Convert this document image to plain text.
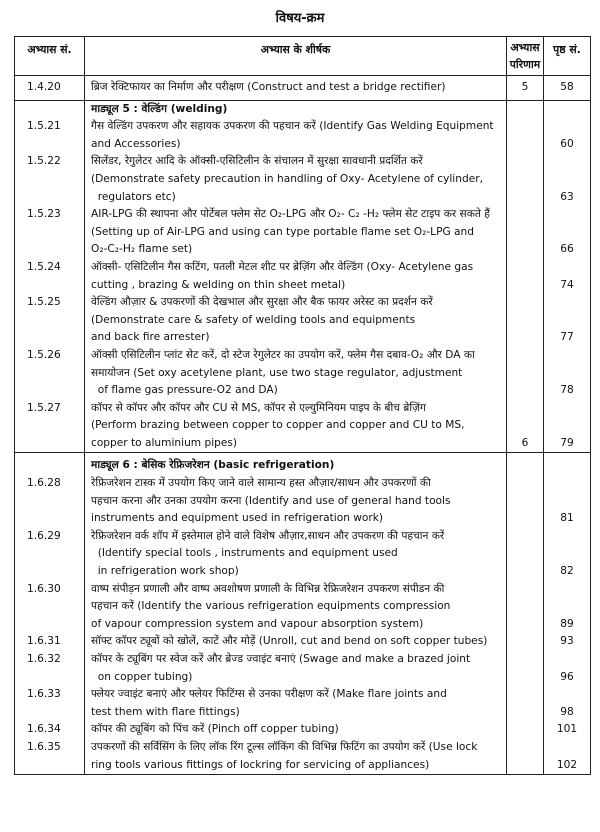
विषय-क्रम
अभ्यास सं.	अभ्यास के शीर्षक	अभ्यास परिणाम	पृष्ठ सं.
1.4.20	ब्रिज रेक्टिफायर का निर्माण और परीक्षण (Construct and test a bridge rectifier)	5	58
	माड्यूल 5 : वेल्डिंग (welding)		
1.5.21	गैस वेल्डिंग उपकरण और सहायक उपकरण की पहचान करें (Identify Gas Welding Equipment
and Accessories)		60
1.5.22	सिलेंडर, रेगुलेटर आदि के ऑक्सी-एसिटिलीन के संचालन में सुरक्षा सावधानी प्रदर्शित करें
(Demonstrate safety precaution in handling of Oxy- Acetylene of cylinder,
regulators etc)		63
1.5.23	AIR-LPG की स्थापना और पोर्टेबल फ्लेम सेट O₂-LPG और O₂- C₂ -H₂ फ्लेम सेट टाइप कर सकते हैं
(Setting up of Air-LPG and using can type portable flame set O₂-LPG and
O₂-C₂-H₂ flame set)		66
1.5.24	ऑक्सी- एसिटिलीन गैस कटिंग, पतली मेटल शीट पर ब्रेज़िंग और वेल्डिंग (Oxy- Acetylene gas
cutting , brazing & welding on thin sheet metal)		74
1.5.25	वेल्डिंग औज़ार & उपकरणों की देखभाल और सुरक्षा और बैक फायर अरेस्ट का प्रदर्शन करें
(Demonstrate care & safety of welding tools and equipments
and back fire arrester)		77
1.5.26	ऑक्सी एसिटिलीन प्लांट सेट करें, दो स्टेज रेगुलेटर का उपयोग करें, फ्लेम गैस दबाव-O₂ और DA का
समायोजन (Set oxy acetylene plant, use two stage regulator, adjustment
of flame gas pressure-O2 and DA)		78
1.5.27	कॉपर से कॉपर और कॉपर और CU से MS, कॉपर से एल्युमिनियम पाइप के बीच ब्रेज़िंग
(Perform brazing between copper to copper and copper and CU to MS,
copper to aluminium pipes)	6	79

	माड्यूल 6 : बेसिक रेफ्रिजरेशन (basic refrigeration)		
1.6.28	रेफ्रिजरेशन टास्क में उपयोग किए जाने वाले सामान्य हस्त औज़ार/साधन और उपकरणों की
पहचान करना और उनका उपयोग करना (Identify and use of general hand tools
instruments and equipment used in refrigeration work)		81
1.6.29	रेफ्रिजरेशन वर्क शॉप में इस्तेमाल होने वाले विशेष औज़ार,साधन और उपकरण की पहचान करें
(Identify special tools , instruments and equipment used
in refrigeration work shop)		82
1.6.30	वाष्प संपीड़न प्रणाली और वाष्प अवशोषण प्रणाली के विभिन्न रेफ्रिजरेशन उपकरण संपीडन की
पहचान करें (Identify the various refrigeration equipments compression
of vapour compression system and vapour absorption system)		89
1.6.31	सॉफ्ट कॉपर ट्यूबों को खोलें, काटें और मोड़ें (Unroll, cut and bend on soft copper tubes)		93
1.6.32	कॉपर के ट्यूबिंग पर स्वेज करें और ब्रेज्ड ज्वाइंट बनाएं (Swage and make a brazed joint
on copper tubing)		96
1.6.33	फ्लेयर ज्वाइंट बनाएं और फ्लेयर फिटिंग्स से उनका परीक्षण करें (Make flare joints and
test them with flare fittings)		98
1.6.34	कॉपर की ट्यूबिंग को पिंच करें (Pinch off copper tubing)		101
1.6.35	उपकरणों की सर्विसिंग के लिए लॉक रिंग टूल्स लॉकिंग की विभिन्न फिटिंग का उपयोग करें (Use lock
ring tools various fittings of lockring for servicing of appliances)		102
